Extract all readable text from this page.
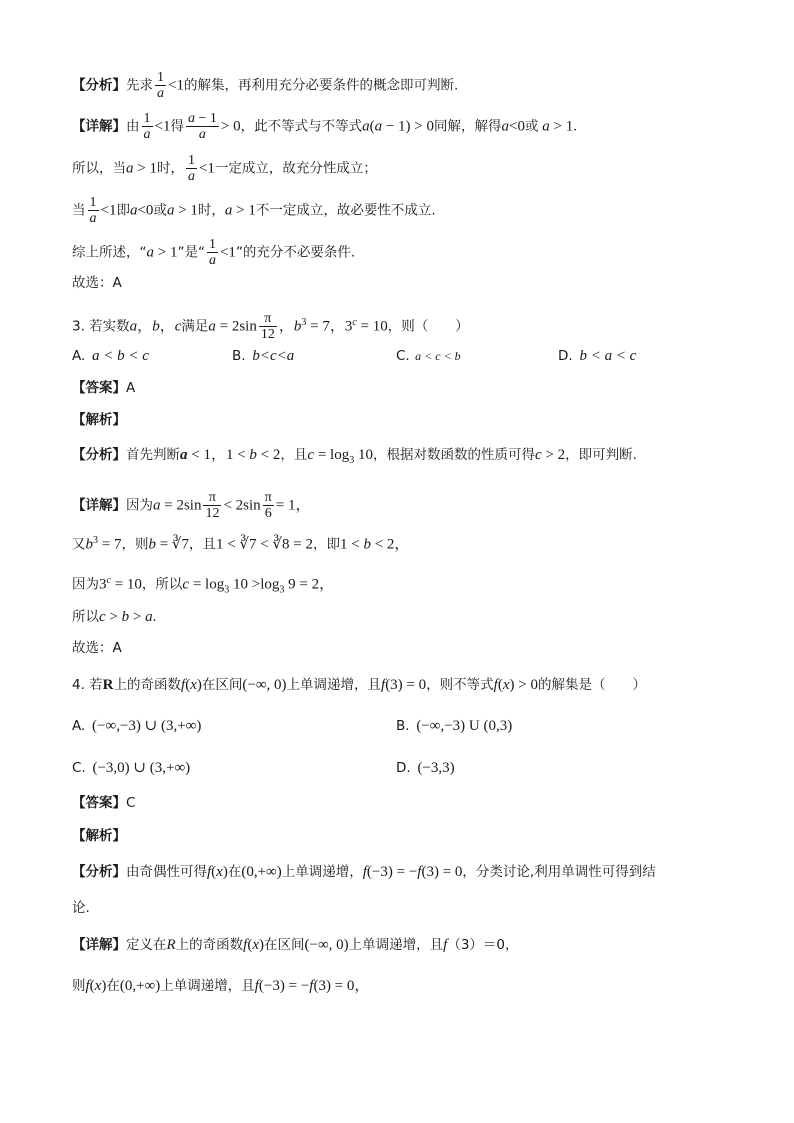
【分析】先求 $\frac{1}{a} <1$的解集，再利用充分必要条件的概念即可判断.
【详解】由 $\frac{1}{a} <1$得 $\frac{a - 1}{a} > 0$，此不等式与不等式a(a − 1) > 0同解，解得a<0或 a > 1.
所以，当a > 1时， $\frac{1}{a} <1$一定成立，故充分性成立；
当 $\frac{1}{a} <1$即a<0或a > 1时，a > 1不一定成立，故必要性不成立.
综上所述，“a > 1”是“ $\frac{1}{a} <1$”的充分不必要条件.
故选：A
3. 若实数a，b，c满足$a = 2\sin \frac{\pi}{12}$ ，$b^3 = 7$，$3^c = 10$，则（　　）
A.  a < b < c	B.  b<c<a	C.  a < c < b	D.  b < a < c
【答案】A
【解析】
【分析】首先判断a < 1，1 < b < 2，且$c = \log_3 10$，根据对数函数的性质可得c > 2，即可判断.
【详解】因为$a = 2\sin \frac{\pi}{12} < 2\sin \frac{\pi}{6} = 1$，
又$b^3 = 7$，则b = ∛7，且1 < ∛7 < ∛8 = 2，即1 < b < 2，
因为$3^c = 10$，所以$c = \log_3 10 >\log_3$ 9 = 2，
所以c > b > a.
故选：A
4. 若R上的奇函数f(x)在区间(−∞, 0)上单调递增，且f(3) = 0，则不等式f(x) > 0的解集是（　　）
A.  (−∞,−3) ∪ (3,+∞)	B.  (−∞,−3) U (0,3)
C.  (−3,0) ∪ (3,+∞)	D.  (−3,3)
【答案】C
【解析】
【分析】由奇偶性可得f(x)在(0,+∞)上单调递增，f(−3) = −f(3) = 0，分类讨论,利用单调性可得到结
论.
【详解】定义在R上的奇函数f(x)在区间(−∞, 0)上单调递增，且f（3）＝0，
则f(x)在(0,+∞)上单调递增，且f(−3) = −f(3) = 0，
